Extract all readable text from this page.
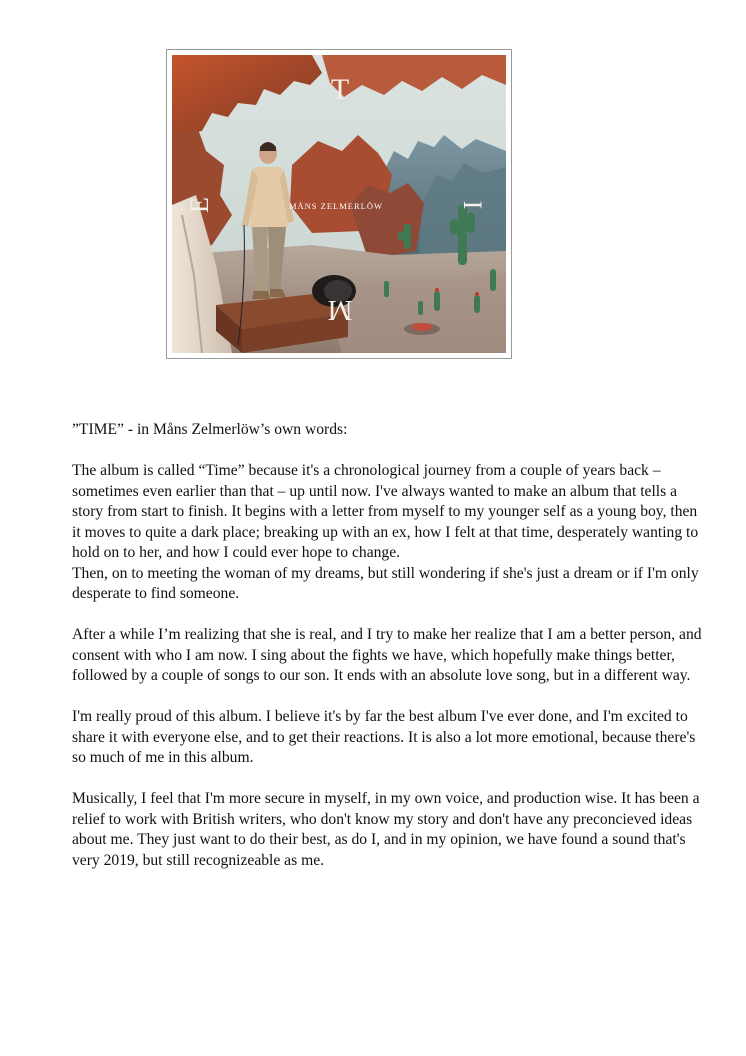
T
E	I
M
MÅNS ZELMERLÖW

”TIME” - in Måns Zelmerlöw’s own words:

The album is called “Time” because it's a chronological journey from a couple of years back – sometimes even earlier than that – up until now. I've always wanted to make an album that tells a story from start to finish. It begins with a letter from myself to my younger self as a young boy, then it moves to quite a dark place; breaking up with an ex, how I felt at that time, desperately wanting to hold on to her, and how I could ever hope to change.

Then, on to meeting the woman of my dreams, but still wondering if she's just a dream or if I'm only desperate to find someone.

After a while I’m realizing that she is real, and I try to make her realize that I am a better person, and consent with who I am now. I sing about the fights we have, which hopefully make things better, followed by a couple of songs to our son. It ends with an absolute love song, but in a different way.

I'm really proud of this album. I believe it's by far the best album I've ever done, and I'm excited to share it with everyone else, and to get their reactions. It is also a lot more emotional, because there's so much of me in this album.

Musically, I feel that I'm more secure in myself, in my own voice, and production wise. It has been a relief to work with British writers, who don't know my story and don't have any preconcieved ideas about me. They just want to do their best, as do I, and in my opinion, we have found a sound that's very 2019, but still recognizeable as me.
